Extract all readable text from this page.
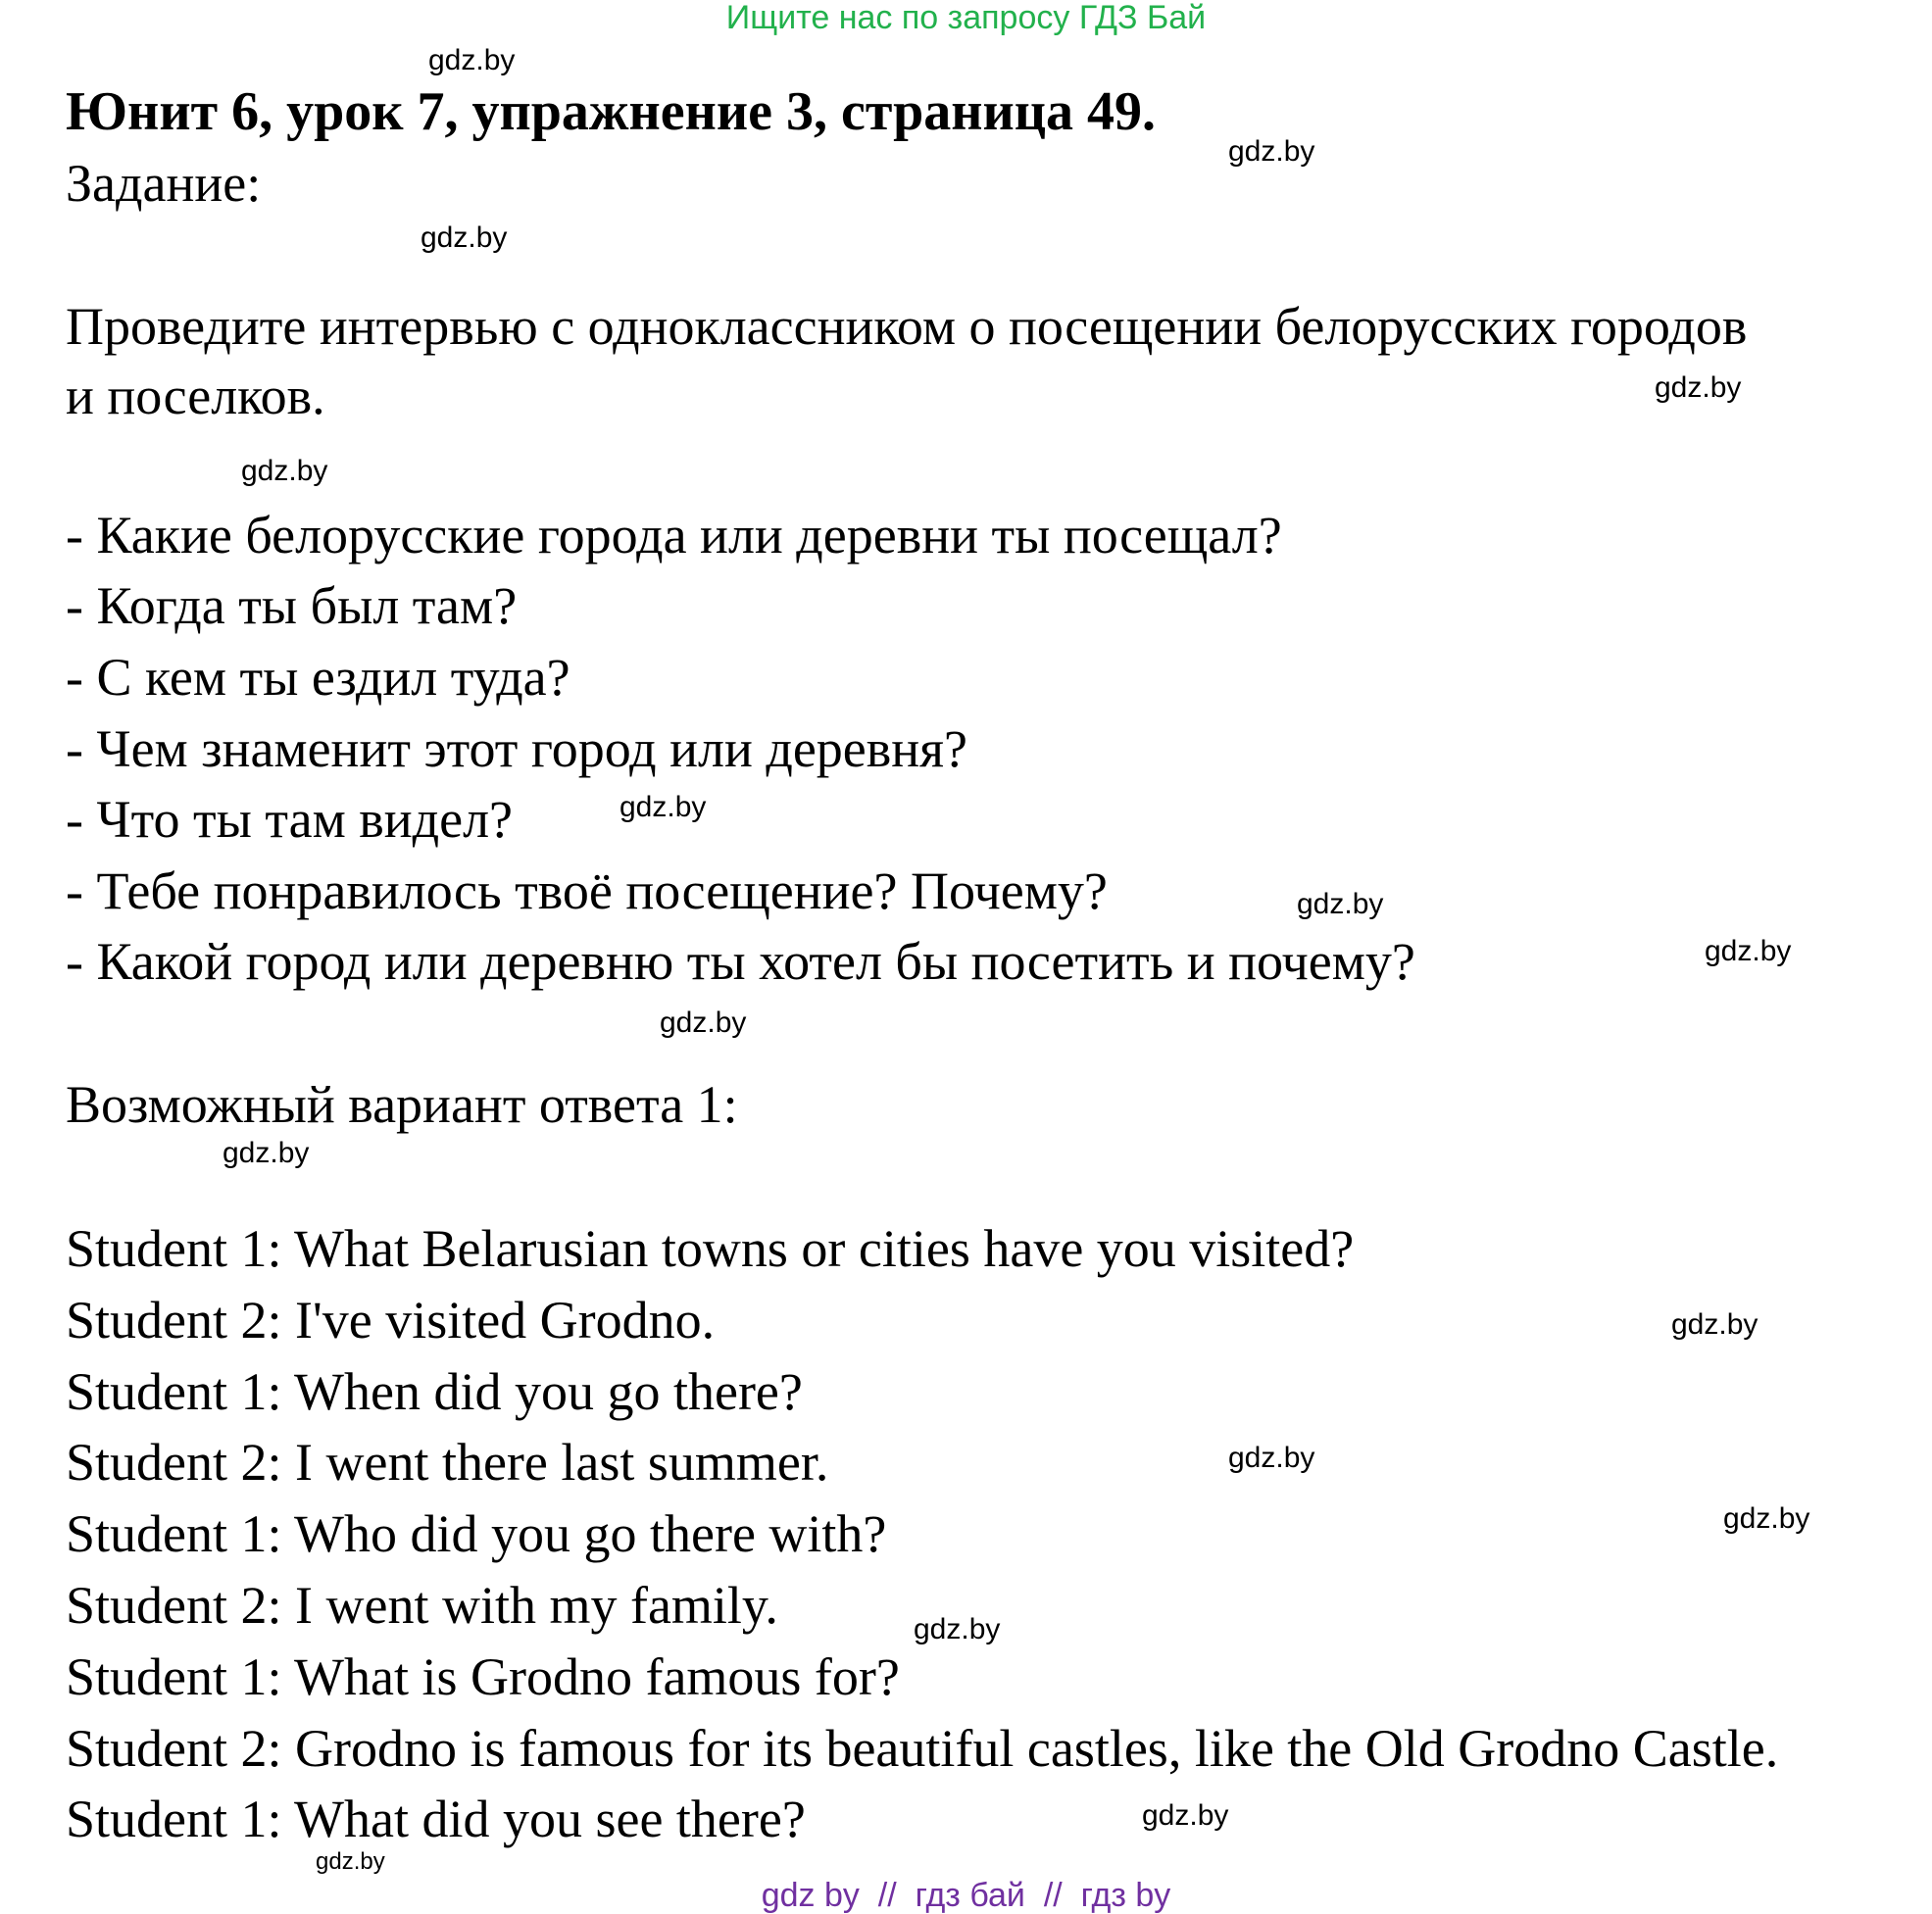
Ищите нас по запросу ГДЗ Бай
gdz.by
Юнит 6, урок 7, упражнение 3, страница 49.
gdz.by
Задание:
gdz.by
Проведите интервью с одноклассником о посещении белорусских городов
и поселков.	gdz.by
gdz.by
- Какие белорусские города или деревни ты посещал?
- Когда ты был там?
- С кем ты ездил туда?
- Чем знаменит этот город или деревня?
- Что ты там видел?	gdz.by
- Тебе понравилось твоё посещение? Почему?	gdz.by
- Какой город или деревню ты хотел бы посетить и почему?	gdz.by
gdz.by
Возможный вариант ответа 1:
gdz.by
Student 1: What Belarusian towns or cities have you visited?
Student 2: I've visited Grodno.	gdz.by
Student 1: When did you go there?
Student 2: I went there last summer.	gdz.by
gdz.by
Student 1: Who did you go there with?
Student 2: I went with my family.	gdz.by
Student 1: What is Grodno famous for?
Student 2: Grodno is famous for its beautiful castles, like the Old Grodno Castle.
Student 1: What did you see there?	gdz.by
gdz.by
gdz by  //  гдз бай  //  гдз by
